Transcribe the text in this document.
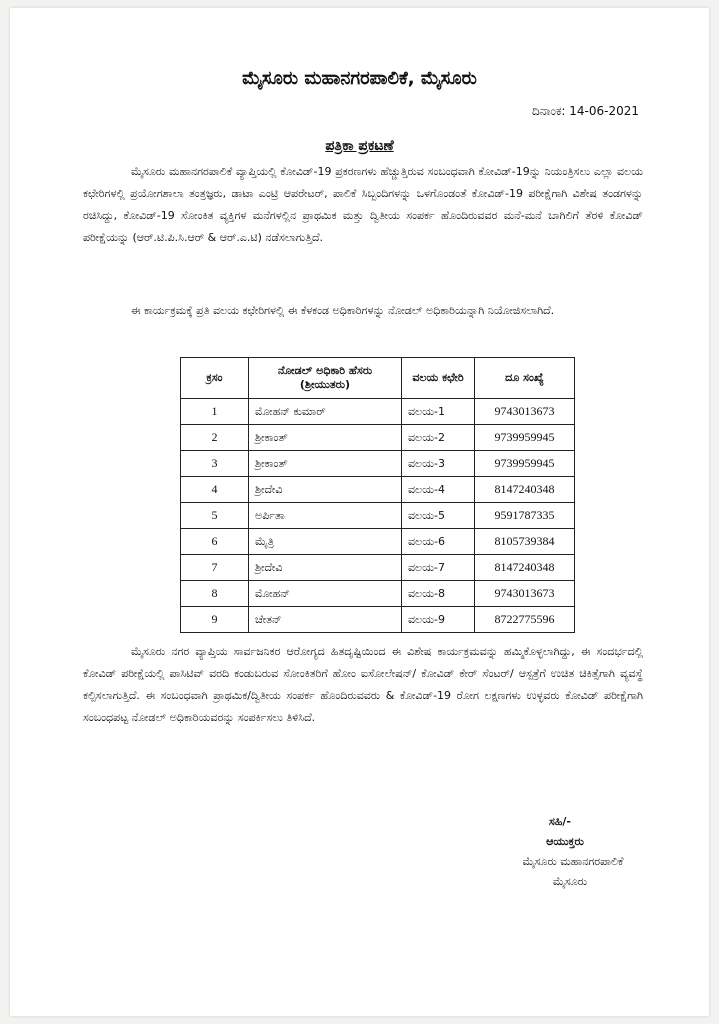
ಮೈಸೂರು ಮಹಾನಗರಪಾಲಿಕೆ, ಮೈಸೂರು
ದಿನಾಂಕ: 14-06-2021
ಪತ್ರಿಕಾ ಪ್ರಕಟಣೆ
ಮೈಸೂರು ಮಹಾನಗರಪಾಲಿಕೆ ವ್ಯಾಪ್ತಿಯಲ್ಲಿ ಕೋವಿಡ್-19 ಪ್ರಕರಣಗಳು ಹೆಚ್ಚುತ್ತಿರುವ ಸಂಬಂಧವಾಗಿ ಕೋವಿಡ್-19ನ್ನು ನಿಯಂತ್ರಿಸಲು ಎಲ್ಲಾ ವಲಯ ಕಛೇರಿಗಳಲ್ಲಿ ಪ್ರಯೋಗಶಾಲಾ ತಂತ್ರಜ್ಞರು, ಡಾಟಾ ಎಂಟ್ರಿ ಆಪರೇಟರ್, ಪಾಲಿಕೆ ಸಿಬ್ಬಂದಿಗಳನ್ನು ಒಳಗೊಂಡಂತೆ ಕೋವಿಡ್-19 ಪರೀಕ್ಷೆಗಾಗಿ ವಿಶೇಷ ತಂಡಗಳನ್ನು ರಚಿಸಿದ್ದು, ಕೋವಿಡ್-19 ಸೋಂಕಿತ ವ್ಯಕ್ತಿಗಳ ಮನೆಗಳಲ್ಲಿನ ಪ್ರಾಥಮಿಕ ಮತ್ತು ದ್ವಿತೀಯ ಸಂಪರ್ಕ ಹೊಂದಿರುವವರ ಮನೆ-ಮನೆ ಬಾಗಿಲಿಗೆ ತೆರಳಿ ಕೋವಿಡ್ ಪರೀಕ್ಷೆಯನ್ನು (ಆರ್.ಟಿ.ಪಿ.ಸಿ.ಆರ್ & ಆರ್.ಎ.ಟಿ) ನಡೆಸಲಾಗುತ್ತಿದೆ.
ಈ ಕಾರ್ಯಕ್ರಮಕ್ಕೆ ಪ್ರತಿ ವಲಯ ಕಛೇರಿಗಳಲ್ಲಿ ಈ ಕೆಳಕಂಡ ಅಧಿಕಾರಿಗಳನ್ನು ನೋಡಲ್ ಅಧಿಕಾರಿಯನ್ನಾಗಿ ನಿಯೋಜಿಸಲಾಗಿದೆ.
ಕ್ರಸಂ	ನೋಡಲ್ ಅಧಿಕಾರಿ ಹೆಸರು (ಶ್ರೀಯುತರು)	ವಲಯ ಕಛೇರಿ	ದೂ ಸಂಖ್ಯೆ
1	ಮೋಹನ್ ಕುಮಾರ್	ವಲಯ-1	9743013673
2	ಶ್ರೀಕಾಂತ್	ವಲಯ-2	9739959945
3	ಶ್ರೀಕಾಂತ್	ವಲಯ-3	9739959945
4	ಶ್ರೀದೇವಿ	ವಲಯ-4	8147240348
5	ಅರ್ಪಿತಾ	ವಲಯ-5	9591787335
6	ಮೈತ್ರಿ	ವಲಯ-6	8105739384
7	ಶ್ರೀದೇವಿ	ವಲಯ-7	8147240348
8	ಮೋಹನ್	ವಲಯ-8	9743013673
9	ಚೇತನ್	ವಲಯ-9	8722775596
ಮೈಸೂರು ನಗರ ವ್ಯಾಪ್ತಿಯ ಸಾರ್ವಜನಿಕರ ಆರೋಗ್ಯದ ಹಿತದೃಷ್ಟಿಯಿಂದ ಈ ವಿಶೇಷ ಕಾರ್ಯಕ್ರಮವನ್ನು ಹಮ್ಮಿಕೊಳ್ಳಲಾಗಿದ್ದು, ಈ ಸಂದರ್ಭದಲ್ಲಿ ಕೋವಿಡ್ ಪರೀಕ್ಷೆಯಲ್ಲಿ ಪಾಸಿಟಿವ್ ವರದಿ ಕಂಡುಬರುವ ಸೋಂಕಿತರಿಗೆ ಹೋಂ ಐಸೋಲೇಷನ್/ ಕೋವಿಡ್ ಕೇರ್ ಸೆಂಟರ್/ ಆಸ್ಪತ್ರೆಗೆ ಉಚಿತ ಚಿಕಿತ್ಸೆಗಾಗಿ ವ್ಯವಸ್ಥೆ ಕಲ್ಪಿಸಲಾಗುತ್ತಿದೆ. ಈ ಸಂಬಂಧವಾಗಿ ಪ್ರಾಥಮಿಕ/ದ್ವಿತೀಯ ಸಂಪರ್ಕ ಹೊಂದಿರುವವರು & ಕೋವಿಡ್-19 ರೋಗ ಲಕ್ಷಣಗಳು ಉಳ್ಳವರು ಕೋವಿಡ್ ಪರೀಕ್ಷೆಗಾಗಿ ಸಂಬಂಧಪಟ್ಟ ನೋಡಲ್ ಅಧಿಕಾರಿಯವರನ್ನು ಸಂಪರ್ಕಿಸಲು ತಿಳಿಸಿದೆ.
ಸಹಿ/-
ಆಯುಕ್ತರು
ಮೈಸೂರು ಮಹಾನಗರಪಾಲಿಕೆ
ಮೈಸೂರು
